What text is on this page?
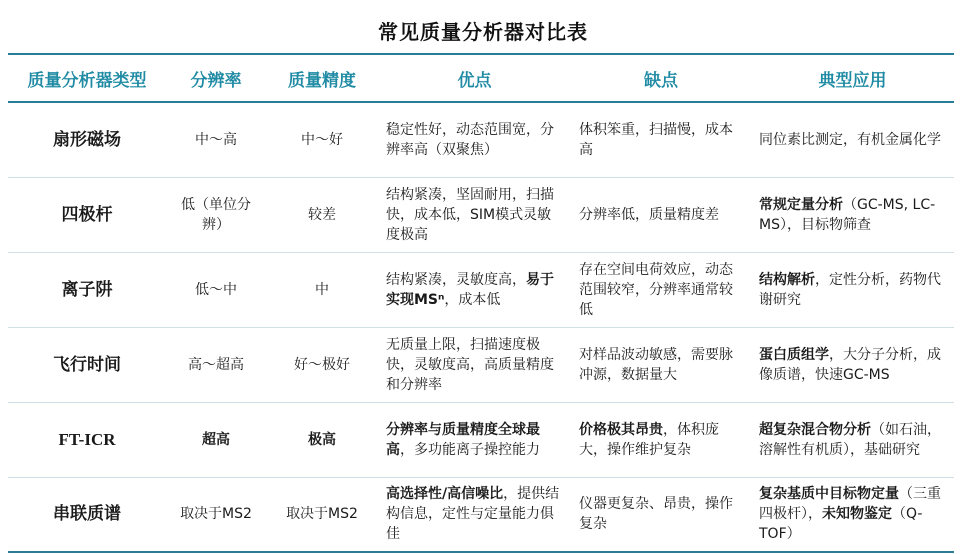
常见质量分析器对比表
质量分析器类型	分辨率	质量精度	优点	缺点	典型应用
扇形磁场	中～高	中～好	稳定性好，动态范围宽，分辨率高（双聚焦）	体积笨重，扫描慢，成本高	同位素比测定，有机金属化学
四极杆	低（单位分辨）	较差	结构紧凑，坚固耐用，扫描快，成本低，SIM模式灵敏度极高	分辨率低，质量精度差	常规定量分析（GC-MS, LC-MS），目标物筛查
离子阱	低～中	中	结构紧凑，灵敏度高，易于实现MSⁿ，成本低	存在空间电荷效应，动态范围较窄，分辨率通常较低	结构解析，定性分析，药物代谢研究
飞行时间	高～超高	好～极好	无质量上限，扫描速度极快，灵敏度高，高质量精度和分辨率	对样品波动敏感，需要脉冲源，数据量大	蛋白质组学，大分子分析，成像质谱，快速GC-MS
FT-ICR	超高	极高	分辨率与质量精度全球最高，多功能离子操控能力	价格极其昂贵，体积庞大，操作维护复杂	超复杂混合物分析（如石油，溶解性有机质），基础研究
串联质谱	取决于MS2	取决于MS2	高选择性/高信噪比，提供结构信息，定性与定量能力俱佳	仪器更复杂、昂贵，操作复杂	复杂基质中目标物定量（三重四极杆），未知物鉴定（Q-TOF）
